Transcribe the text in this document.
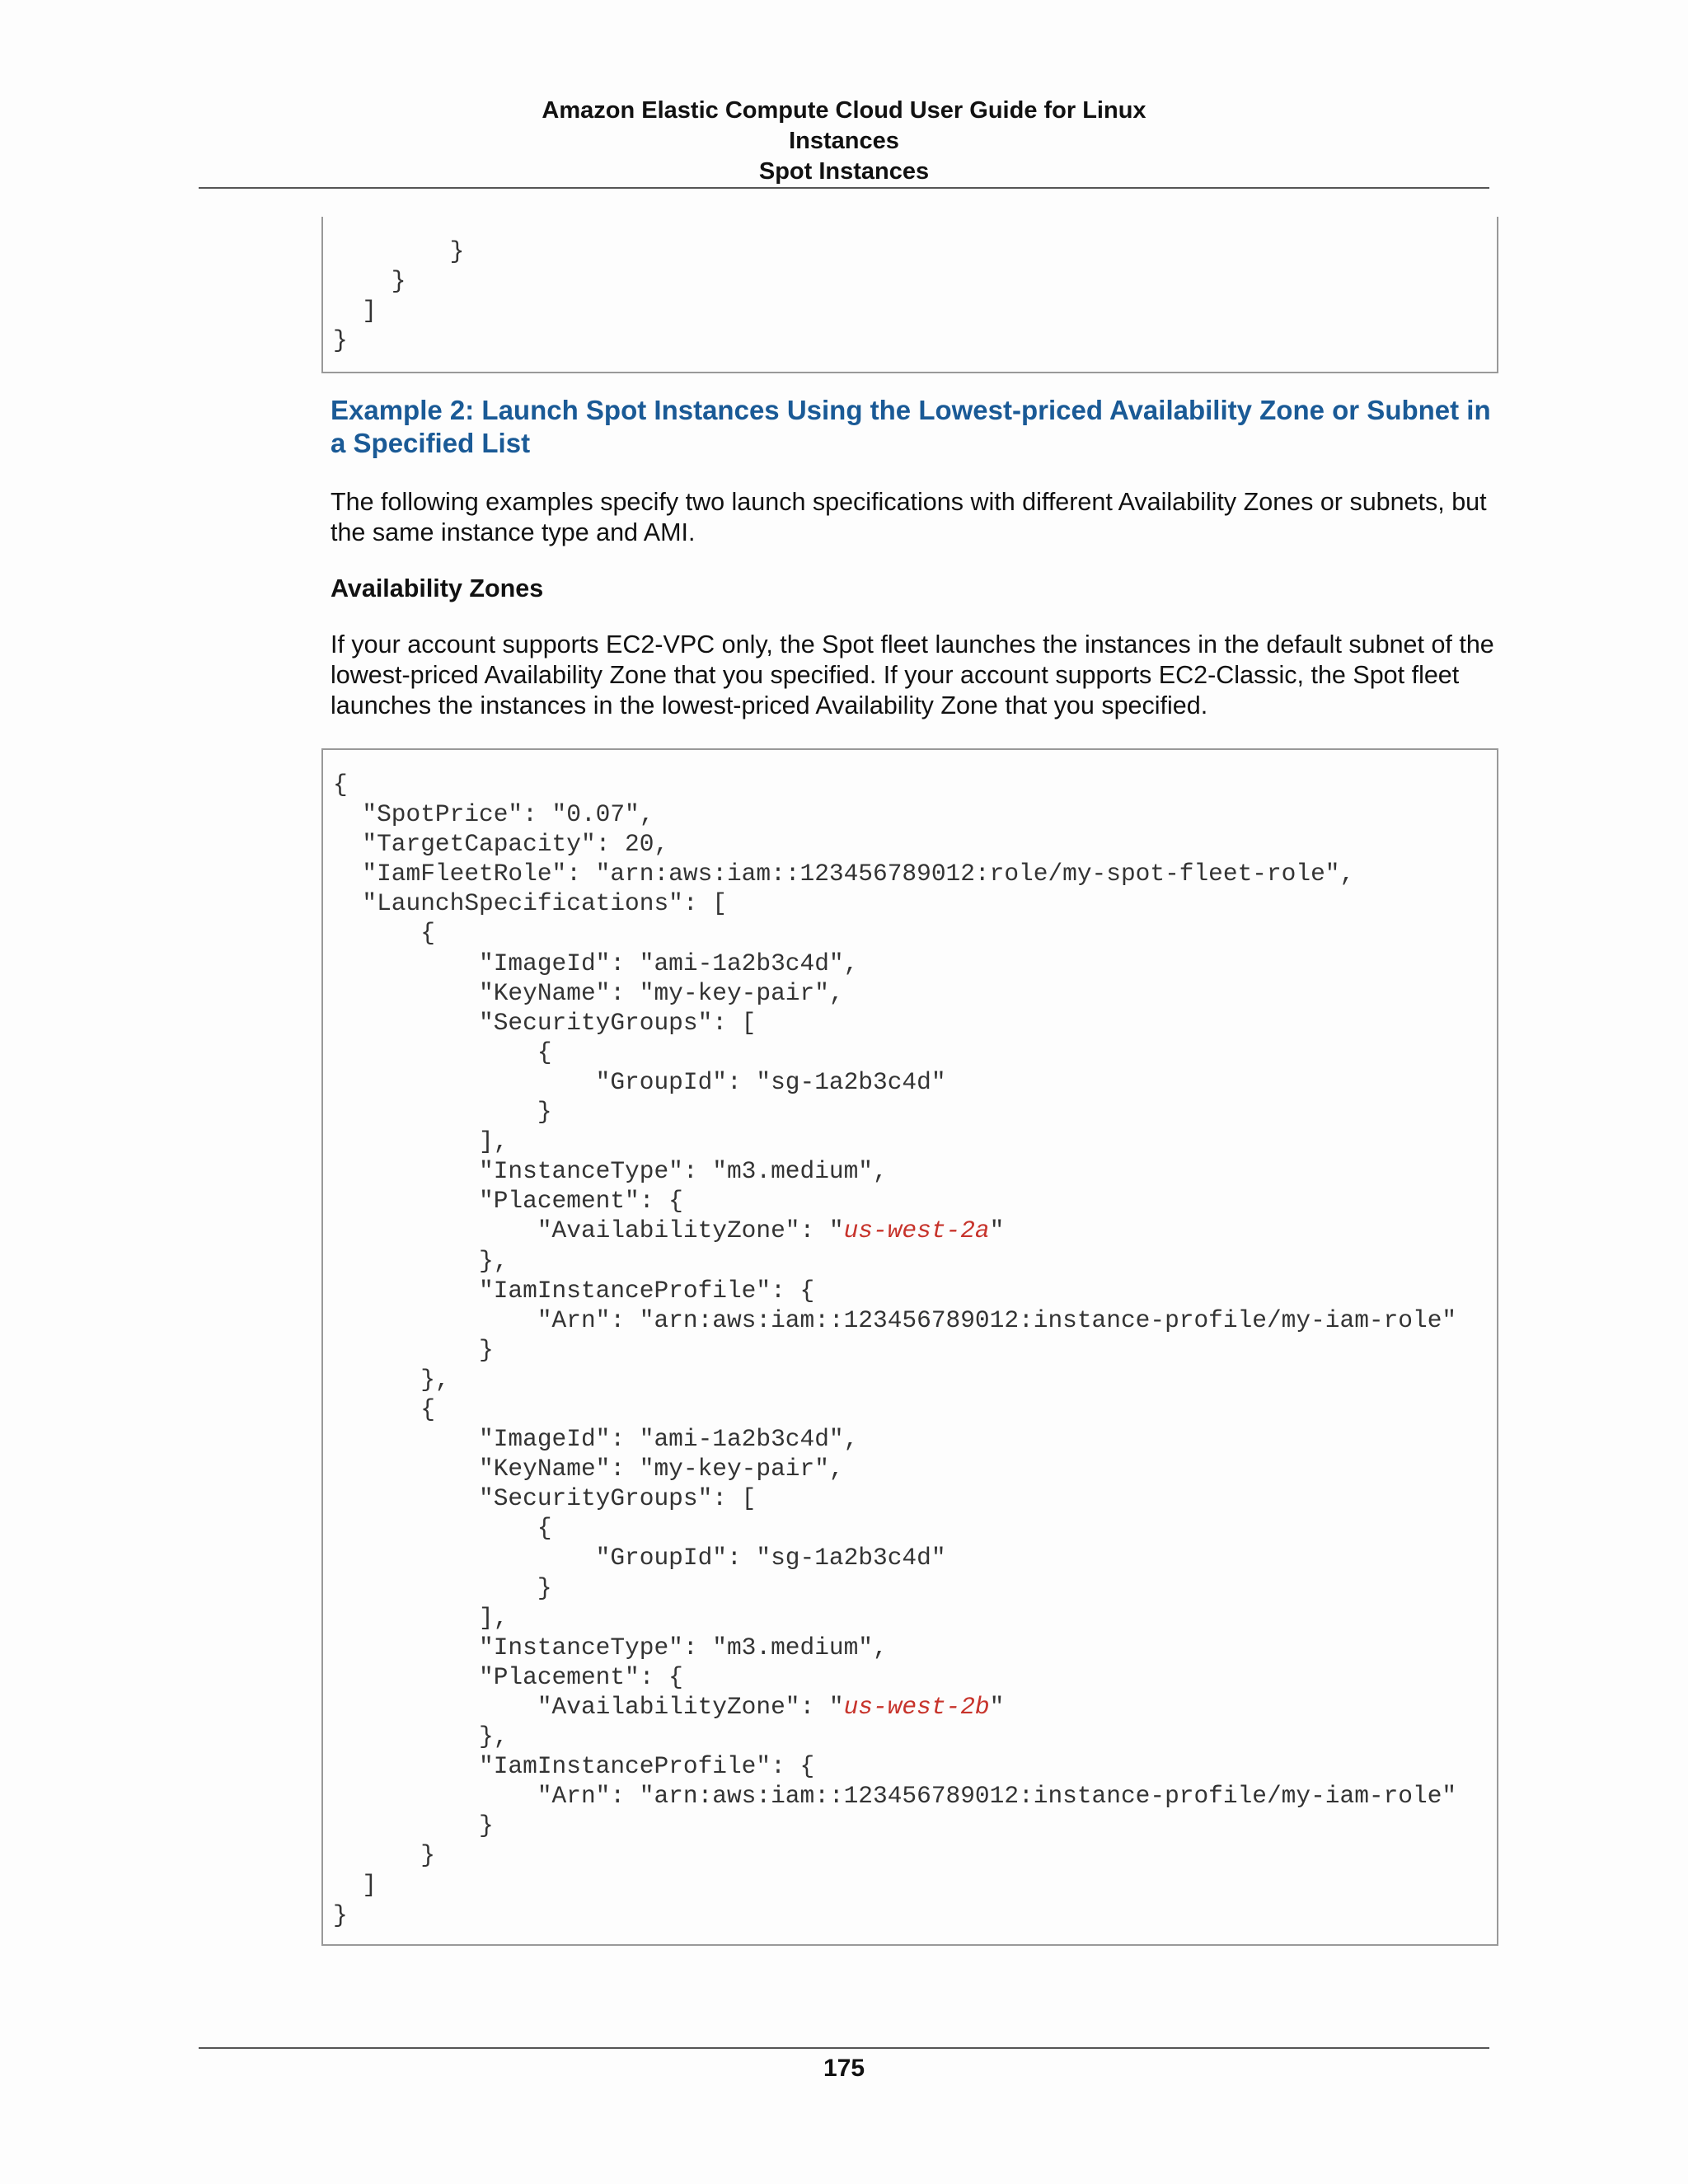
Amazon Elastic Compute Cloud User Guide for Linux
Instances
Spot Instances
}
}
]
}

Example 2: Launch Spot Instances Using the Lowest-priced Availability Zone or Subnet in a Specified List

The following examples specify two launch specifications with different Availability Zones or subnets, but the same instance type and AMI.

Availability Zones

If your account supports EC2-VPC only, the Spot fleet launches the instances in the default subnet of the lowest-priced Availability Zone that you specified. If your account supports EC2-Classic, the Spot fleet launches the instances in the lowest-priced Availability Zone that you specified.

{
"SpotPrice": "0.07",
"TargetCapacity": 20,
"IamFleetRole": "arn:aws:iam::123456789012:role/my-spot-fleet-role",
"LaunchSpecifications": [
{
"ImageId": "ami-1a2b3c4d",
"KeyName": "my-key-pair",
"SecurityGroups": [
{
"GroupId": "sg-1a2b3c4d"
}
],
"InstanceType": "m3.medium",
"Placement": {
"AvailabilityZone": "us-west-2a"
},
"IamInstanceProfile": {
"Arn": "arn:aws:iam::123456789012:instance-profile/my-iam-role"
}
},
{
"ImageId": "ami-1a2b3c4d",
"KeyName": "my-key-pair",
"SecurityGroups": [
{
"GroupId": "sg-1a2b3c4d"
}
],
"InstanceType": "m3.medium",
"Placement": {
"AvailabilityZone": "us-west-2b"
},
"IamInstanceProfile": {
"Arn": "arn:aws:iam::123456789012:instance-profile/my-iam-role"
}
}
]
}

175
